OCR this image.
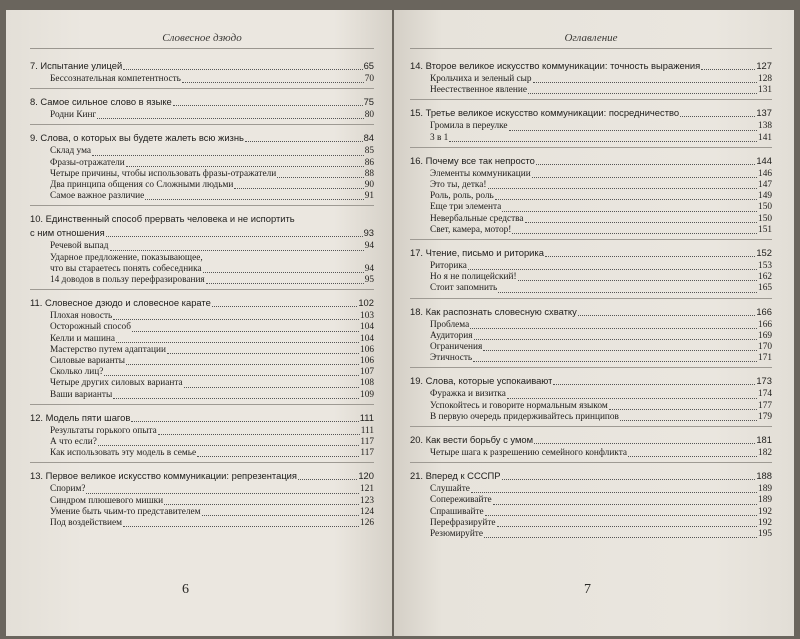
Словесное дзюдо
7. Испытание улицей	65
Бессознательная компетентность	70
8. Самое сильное слово в языке	75
Родни Кинг	80
9. Слова, о которых вы будете жалеть всю жизнь	84
Склад ума	85
Фразы-отражатели	86
Четыре причины, чтобы использовать фразы-отражатели	88
Два принципа общения со Сложными людьми	90
Самое важное различие	91
10. Единственный способ прервать человека и не испортить
с ним отношения	93
Речевой выпад	94
Ударное предложение, показывающее,
что вы стараетесь понять собеседника	94
14 доводов в пользу перефразирования	95
11. Словесное дзюдо и словесное карате	102
Плохая новость	103
Осторожный способ	104
Келли и машина	104
Мастерство путем адаптации	106
Силовые варианты	106
Сколько лиц?	107
Четыре других силовых варианта	108
Ваши варианты	109
12. Модель пяти шагов	111
Результаты горького опыта	111
А что если?	117
Как использовать эту модель в семье	117
13. Первое великое искусство коммуникации: репрезентация	120
Спорим?	121
Синдром плюшевого мишки	123
Умение быть чьим-то представителем	124
Под воздействием	126
6
Оглавление
14. Второе великое искусство коммуникации: точность выражения	127
Крольчиха и зеленый сыр	128
Неестественное явление	131
15. Третье великое искусство коммуникации: посредничество	137
Громила в переулке	138
3 в 1	141
16. Почему все так непросто	144
Элементы коммуникации	146
Это ты, детка!	147
Роль, роль, роль	149
Еще три элемента	150
Невербальные средства	150
Свет, камера, мотор!	151
17. Чтение, письмо и риторика	152
Риторика	153
Но я не полицейский!	162
Стоит запомнить	165
18. Как распознать словесную схватку	166
Проблема	166
Аудитория	169
Ограничения	170
Этичность	171
19. Слова, которые успокаивают	173
Фуражка и визитка	174
Успокойтесь и говорите нормальным языком	177
В первую очередь придерживайтесь принципов	179
20. Как вести борьбу с умом	181
Четыре шага к разрешению семейного конфликта	182
21. Вперед к СССПР	188
Слушайте	189
Сопереживайте	189
Спрашивайте	192
Перефразируйте	192
Резюмируйте	195
7
